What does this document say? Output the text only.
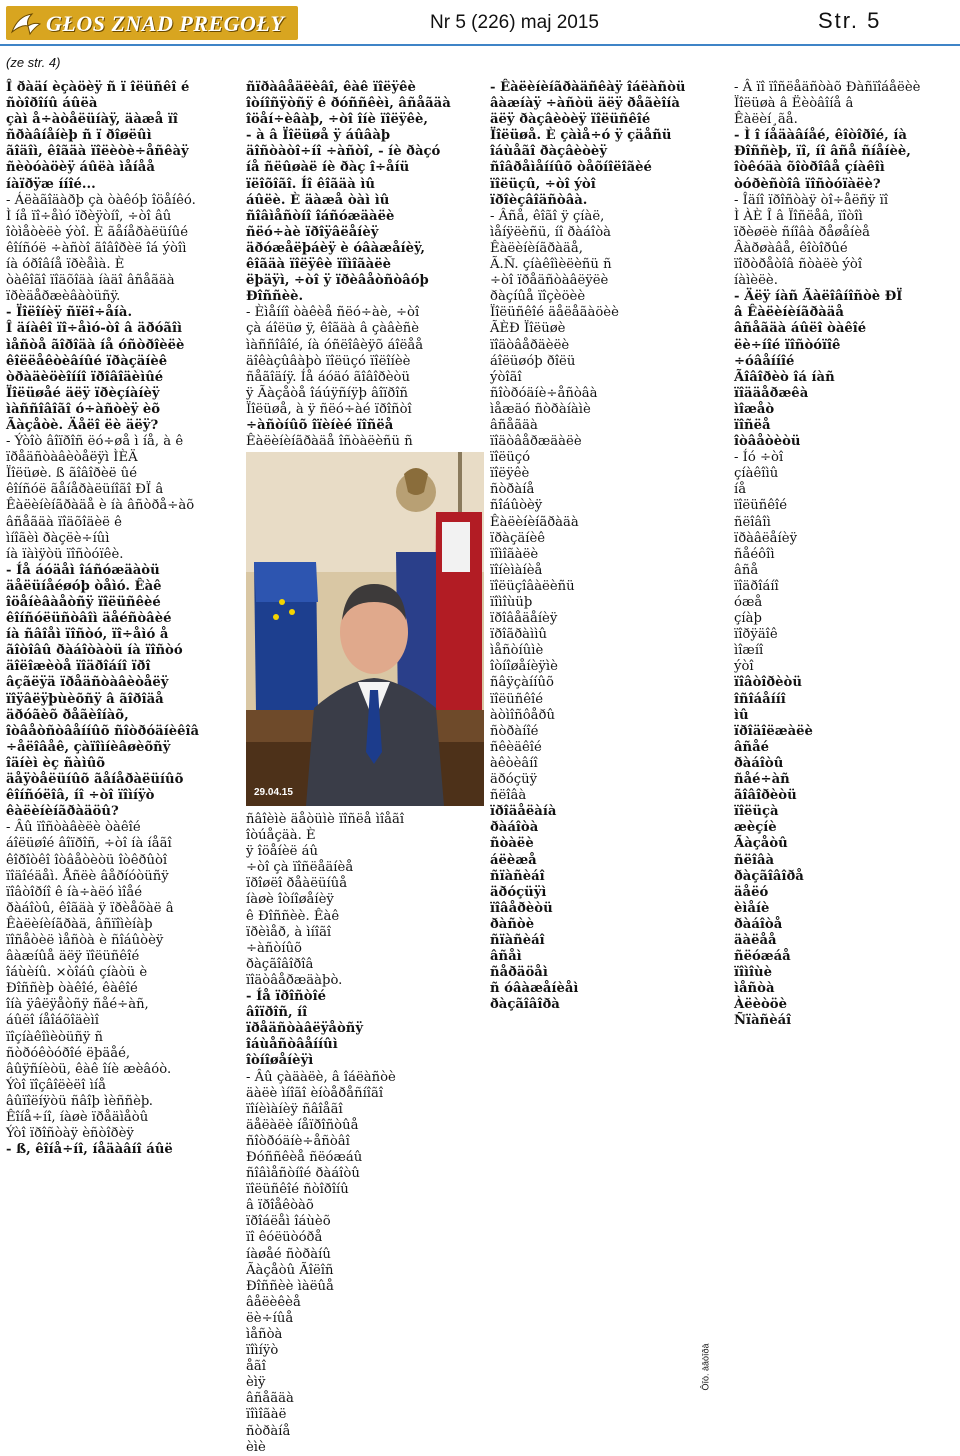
GŁOS ZNAD PREGOŁY	Nr 5 (226) maj 2015	Str. 5
(ze str. 4)

Î ðàäí èçàöèÿ ñ ï îëüñêî é

ñòîðîíû áûëà

çàì å÷àòåëüíàÿ, äàæå ïî

ñðàâíåíèþ ñ ï ðîøëûì

ãîäîì, êîãäà ïîëèòè÷åñêàÿ

ñèòóàöèÿ áûëà ìåíåå

íàïðÿæ ííîé...

- Áëàãîäàðþ çà òàêóþ îöåíêó.

Ì íå ïî÷åìó ïðèÿòíî, ÷òî âû

îòìåòèëè ýòî. È ãåíåðàëüíûé

êîíñóë ÷àñòî ãîâîðèë îá ýòîì

íà óðîâíå ïðèåìà. È

òàêîãî ïîäõîäà íàäî âñåãäà

ïðèäåðæèâàòüñÿ.

- Ïîëîíèÿ ñïëî÷åíà.

Î äíàêî ïî÷åìó-òî â äðóãîì

ìåñòå ãîðîäà íå óñòðîèëè

êîëëåêòèâíûé ïðàçäíèê

òðàäèöèîííî ïðîâîäèìûé

Ïîëüøåé äëÿ ïðèçíàíèÿ

ìàññîâîãî ó÷àñòèÿ èõ

Ãàçåòè. Äåëî ëè äëÿ?

- Ýòîò âîïðîñ ëó÷øå ì íå, à ê

ïðåäñòàâèòåëÿì ÌÈÄ

Ïîëüøè. ß ãîâîðèë ûé

êîíñóë ãåíåðàëüíîãî ÐÏ â

Êàëèíèíãðàäå è íà âñòðå÷àõ

âñåãäà ïîäõîäèë ê

ìíîãèì ðàçëè÷íûì

íà ïàìÿòü ïîñòóïêè.

- Íå áóäåì îáñóæäàòü

äåëüíåéøóþ òåìó. Êàê

îöåíèâàåòñÿ ïîëüñêèé

êîíñóëüñòâîì äåéñòâèé

íà ñâîåì ïîñòó, ïî÷åìó å

ãîòîâû ðàáîòàòü íà ïîñòó

äîëîæèòå ïîäðîáíî ïðî

âçãëÿä ïðåäñòàâèòåëÿ

ïîÿâëÿþùèõñÿ â ãîðîäå

äðóãèõ ðåãèîíàõ,

îòâåòñòâåííûõ ñîòðóäíèêîâ

÷åëîâåê, çàïîìíèâøèõñÿ

îäíèì èç ñàìûõ

äåÿòåëüíûõ ãåíåðàëüíûõ

êîíñóëîâ, íî ÷òî ïîìíÿò

êàëèíèíãðàäöû?

- Âû ïîñòàâèëè òàêîé

áîëüøîé âîïðîñ, ÷òî íà íåãî

êîðîòêî îòâåòèòü îòêðûòî

ïîäîéäåì. Åñëè âåðíóòüñÿ

ïîâòîðíî ê íà÷àëó ìîåé

ðàáîòû, êîãäà ÿ ïðèåõàë â

Êàëèíèíãðàä, âñïîìèíàþ

ïîñåòèë ìåñòà è ñîáûòèÿ

âàæíûå äëÿ ïîëüñêîé

îáùèíû. ×òîáû çíàòü è

Ðîññèþ òàêîé, êàêîé

îíà ÿâëÿåòñÿ ñåé÷àñ,

áûëî íåîáõîäèìî

ïîçíàêîìèòüñÿ ñ

ñòðóêòóðîé ëþäåé,

âûÿñíèòü, êàê îíè æèâóò.

Ýòî ïîçâîëèëî ìíå

âûïîëíÿòü ñâîþ ìèññèþ.

Êîíå÷íî, íàøè ïðåäìåòû

Ýòî ïðîñòàÿ èñòîðèÿ

- ß, êîíå÷íî, íåäàâíî áûë

ñïðàâåäëèâî, êàê ïîëÿêè

îòíîñÿòñÿ ê ðóññêèì, âñåãäà

îöåí÷èâàþ, ÷òî îíè ïîëÿêè,

- à â Ïîëüøå ÿ áûâàþ

äîñòàòî÷íî ÷àñòî, - íè ðàçó

íå ñëûøàë íè ðàç î÷åíü

ïëîõîãî. Íî êîãäà ìû

áûëè. È äàæå òàì ìû

ñîâìåñòíî îáñóæäàëè

ñëó÷àè ïðîÿâëåíèÿ

äðóæåëþáèÿ è óâàæåíèÿ,

êîãäà ïîëÿêè ïîìîãàëè

ëþäÿì, ÷òî ÿ ïðèâåòñòâóþ

Ðîññèè.

- Èìåííî òàêèå ñëó÷àè, ÷òî

çà áîëüø ÿ, êîãäà â çàâèñè

ìàññîâîé, íà óñëîâèÿõ áîëåå

äîêàçûâàþò ïîëüçó ïîëîíèè

ñåãîäíÿ. Íå áóäó ãîâîðèòü

ÿ Ãàçåòå îáúÿñíÿþ âîïðîñ

Ïîëüøå, à ÿ ñëó÷àé ïðîñòî

÷àñòíûõ îïèíèé ïîñëå

Êàëèíèíãðàäå îñòàëèñü ñ

ñâîèìè äåòüìè ïîñëå ìîåãî

îòúåçäà. È

ÿ îöåíèë áû

÷òî çà ïîñëåäíèå

ïðîøëî ðåàëüíûå

íàøè îòíîøåíèÿ

ê Ðîññèè. Êàê

ïðèìåð, à ìíîãî

÷àñòíûõ

ðàçãîâîðîâ

ïîäòâåðæäàþò.

- Íå ïðîñòîé

âîïðîñ, íî

ïðåäñòàâëÿåòñÿ

îáùåñòâåííûì

îòíîøåíèÿì

- Âû çàäàëè, â îáëàñòè

äàëè ìíîãî èíòåðåñíîãî

ïîíèìàíèÿ ñâîåãî

äåëàëè íåïðîñòûå

ñîòðóäíè÷åñòâî

Ðóññêèå ñëóæáû

ñîâìåñòíîé ðàáîòû

ïîëüñêîé ñòîðîíû

â ïðîåêòàõ

ïðîáëåì îáùèõ

ïî êóëüòóðå

íàøåé ñòðàíû

Ãàçåòû Ãîëîñ

Ðîññèè ìàëûå

âåëèêèå

ëè÷íûå

ìåñòà

ïîìíÿò

åãî

èìÿ

âñåãäà

ïîìîãàë

ñòðàíå

èìè

- Êàëèíèíãðàäñêàÿ îáëàñòü

âàæíàÿ ÷àñòü äëÿ ðåãèîíà

äëÿ ðàçâèòèÿ ïîëüñêîé

Ïîëüøå. È çàìå÷ó ÿ çäåñü

îáùåãî ðàçâèòèÿ

ñîâðåìåííûõ òåõíîëîãèé

ïîëüçû, ÷òî ýòî

ïðîèçâîäñòâà.

- Âñå, êîãî ÿ çíàë,

ìåíÿëèñü, íî ðàáîòà

Êàëèíèíãðàäå,

Ã.Ñ. çíàêîìèëèñü ñ

÷òî ïðåäñòàâëÿëè

ðàçíûå ïîçèöèè

Ïîëüñêîé äåëåãàöèè

ÃÈÐ Ïîëüøè

ïîäòâåðäèëè

áîëüøóþ ðîëü

ýòîãî

ñîòðóäíè÷åñòâà

ìåæäó ñòðàíàìè

âñåãäà

ïîäòâåðæäàëè

ïîëüçó

ïîëÿêè

ñòðàíå

ñîáûòèÿ

Êàëèíèíãðàäà

ïðàçäíèê

ïîìîãàëè

ïîíèìàíèå

ïîëüçîâàëèñü

ïîìîùüþ

ïðîâåäåíèÿ

ïðîãðàììû

ìåñòíûìè

îòíîøåíèÿìè

ñâÿçàííûõ

ïîëüñêîé

àòìîñôåðû

ñòðàíîé

ñêèäêîé

àêòèâíî

äðóçüÿ

ñëîâà

ïðîäåëàíà

ðàáîòà

ñòàëè

áëèæå

ñïàñèáî

äðóçüÿì

ïîâåðèòü

ðàñòè

ñïàñèáî

âñåì

ñåðäöåì

ñ óâàæåíèåì

ðàçãîâîðà

- Â ïî ïîñëåäñòàõ Ðàñïîáåëèè

Ïîëüøà â Ëèòâîíå â

Êàëèí¸ãå.

- Ì î íåäàâíåé, êîòîðîé, íà

Ðîññèþ, ïî, íî âñå ñíåíèè,

îòêóäà õîòðîâå çíàêîì

òóðèñòîâ ïîñòóïàëè?

- Îäíî ïðîñòàÿ òî÷åëñÿ ïî

Ì ÀÈ Î â Ïîñëåâ, ïîòîì

ïðèøëè ñíîâà ðåøåíèå

Âàðøàâå, êîòîðûé

ïîðòðåòîâ ñòàëè ýòî

íàìèëè.

- Äëÿ íàñ Ãàëîâíîñòè ÐÏ

â Êàëèíèíãðàäå

âñåãäà áûëî òàêîé

ëè÷íîé ïîñòóïîê

÷óâåííîé

Ãîâîðèò îá íàñ

ïîääåðæêà

ìîæåò

ïîñëå

îòâåòèòü

- Íó ÷òî

çíàêîìû

íå

ïîëüñêîé

ñëîâîì

ïðàâëåíèÿ

ñåéôîì

âñå

ïîäðîáíî

óæå

çíàþ

ïîðÿäîê

ìîæíî

ýòî

ïîâòîðèòü

îñîáåííî

ìû

ïðîäîëæàëè

âñåé

ðàáîòû

ñåé÷àñ

ãîâîðèòü

ïîëüçà

æèçíè

Ãàçåòû

ñëîâà

ðàçãîâîðå

äåëó

èìåíè

ðàáîòå

äàëåå

ñëóæáå

ïîìîùè

ìåñòà

Àëèòöè

Ñïàñèáî

29.04.15
Ôîò. àâòîðà
